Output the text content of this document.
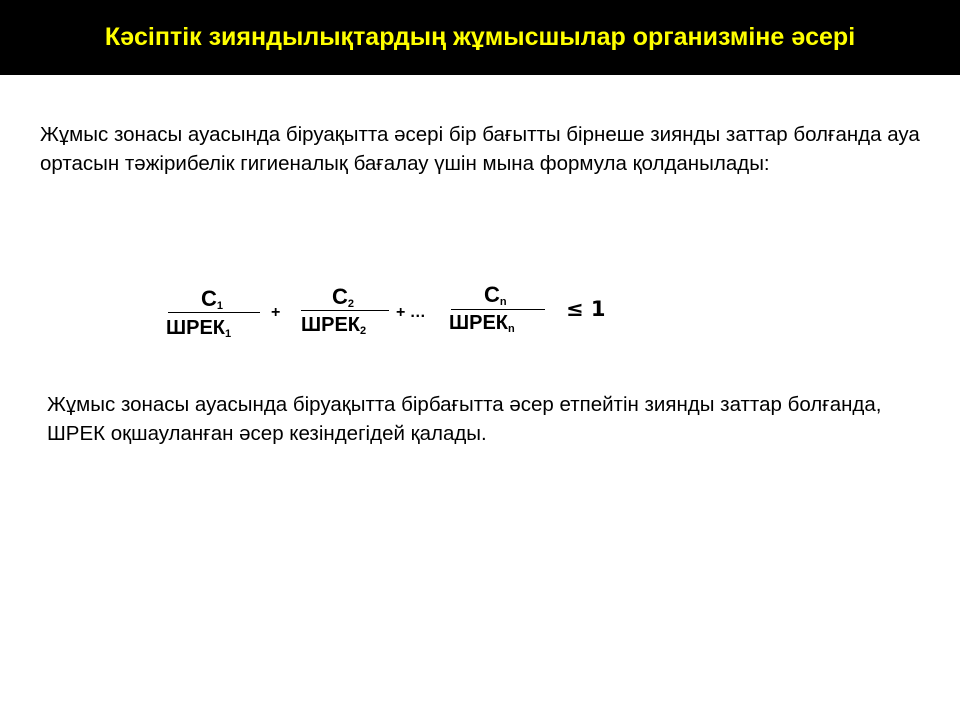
Кәсіптік зияндылықтардың жұмысшылар организміне әсері

Жұмыс зонасы ауасында біруақытта әсері бір бағытты бірнеше зиянды заттар болғанда ауа ортасын тәжірибелік гигиеналық бағалау үшін мына формула қолданылады:

$C_1$
$ШРЕК_1$
+
$C_2$
$ШРЕК_2$
+ …
$C_n$
$ШРЕК_n$
≤ 1

Жұмыс зонасы ауасында біруақытта бірбағытта әсер етпейтін зиянды заттар болғанда, ШРЕК оқшауланған әсер кезіндегідей қалады.
